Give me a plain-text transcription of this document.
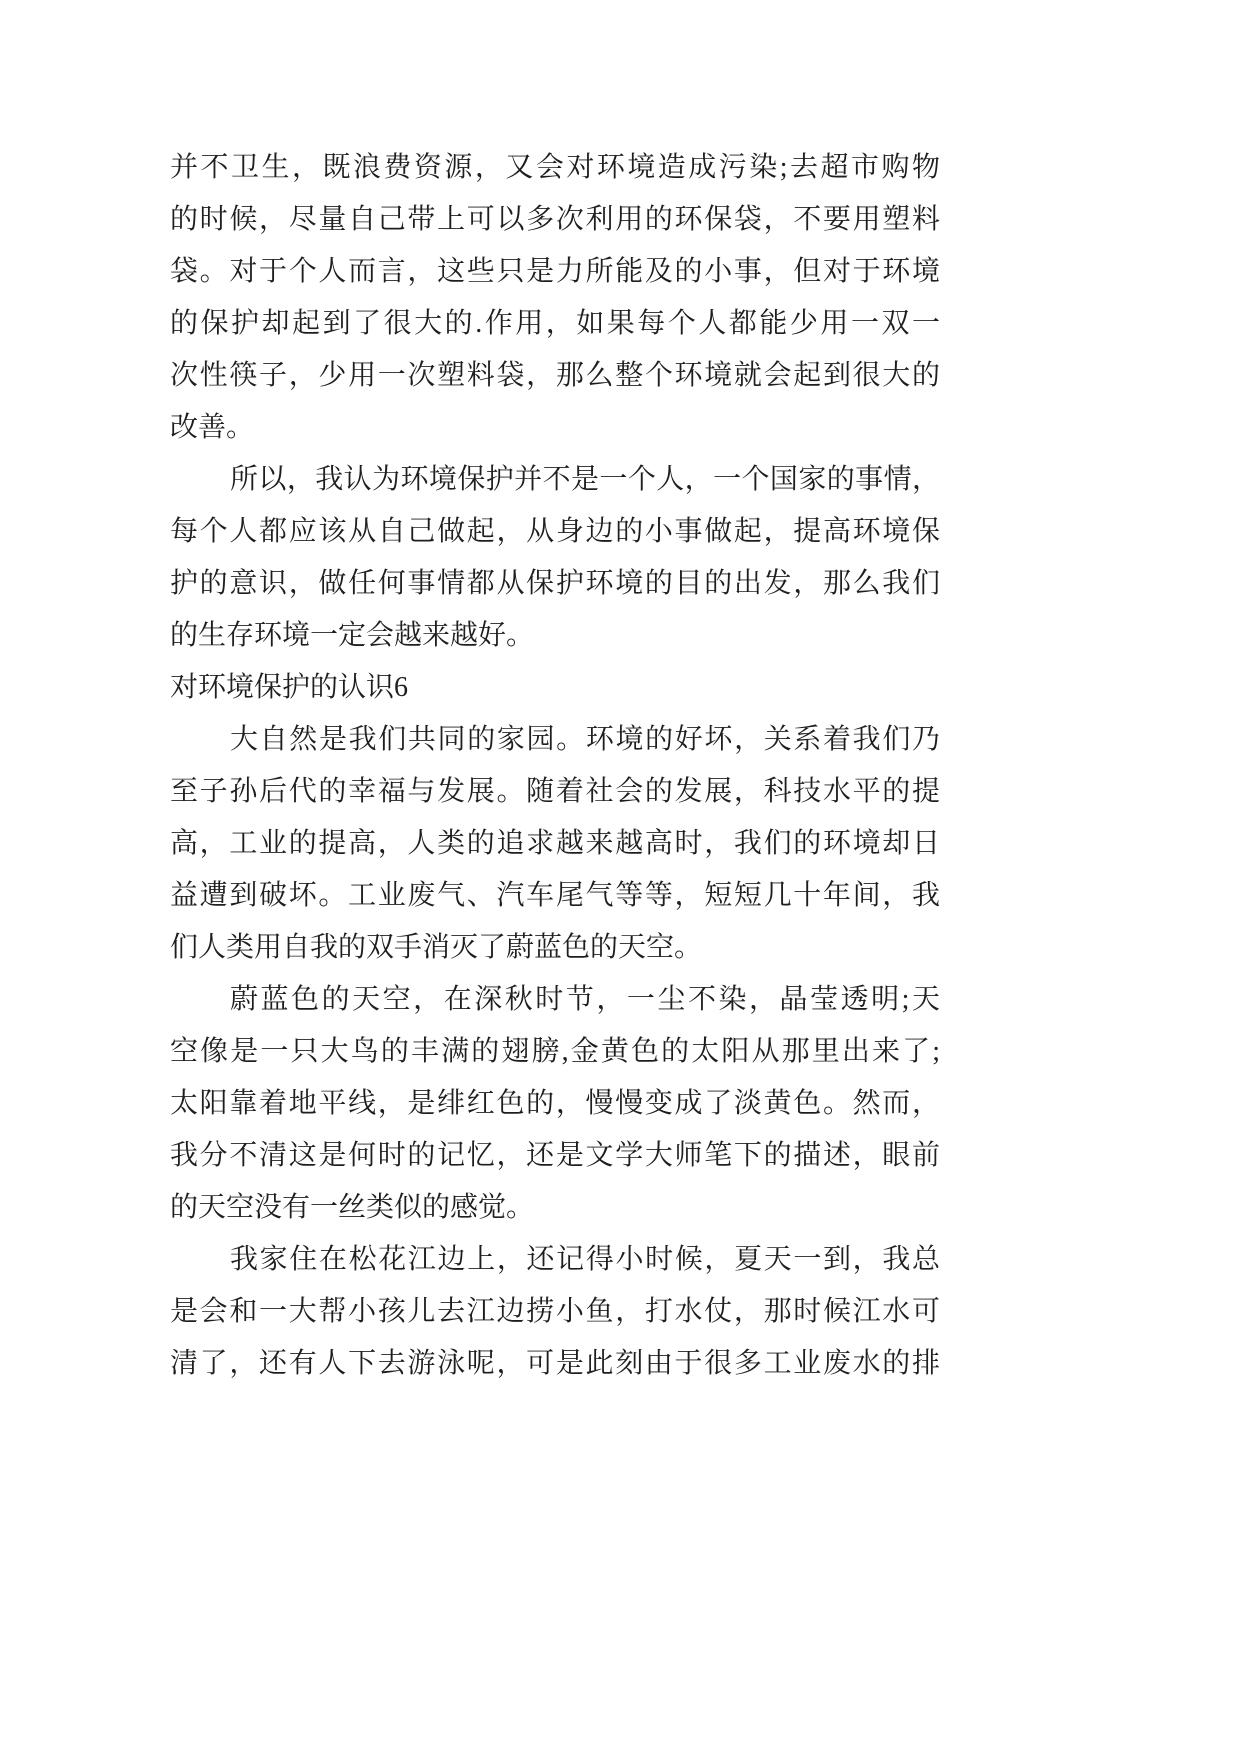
并不卫生，既浪费资源，又会对环境造成污染;去超市购物
的时候，尽量自己带上可以多次利用的环保袋，不要用塑料
袋。对于个人而言，这些只是力所能及的小事，但对于环境
的保护却起到了很大的.作用，如果每个人都能少用一双一
次性筷子，少用一次塑料袋，那么整个环境就会起到很大的
改善。
所以，我认为环境保护并不是一个人，一个国家的事情，
每个人都应该从自己做起，从身边的小事做起，提高环境保
护的意识，做任何事情都从保护环境的目的出发，那么我们
的生存环境一定会越来越好。
对环境保护的认识6
大自然是我们共同的家园。环境的好坏，关系着我们乃
至子孙后代的幸福与发展。随着社会的发展，科技水平的提
高，工业的提高，人类的追求越来越高时，我们的环境却日
益遭到破坏。工业废气、汽车尾气等等，短短几十年间，我
们人类用自我的双手消灭了蔚蓝色的天空。
蔚蓝色的天空，在深秋时节，一尘不染，晶莹透明;天
空像是一只大鸟的丰满的翅膀,金黄色的太阳从那里出来了;
太阳靠着地平线，是绯红色的，慢慢变成了淡黄色。然而，
我分不清这是何时的记忆，还是文学大师笔下的描述，眼前
的天空没有一丝类似的感觉。
我家住在松花江边上，还记得小时候，夏天一到，我总
是会和一大帮小孩儿去江边捞小鱼，打水仗，那时候江水可
清了，还有人下去游泳呢，可是此刻由于很多工业废水的排
